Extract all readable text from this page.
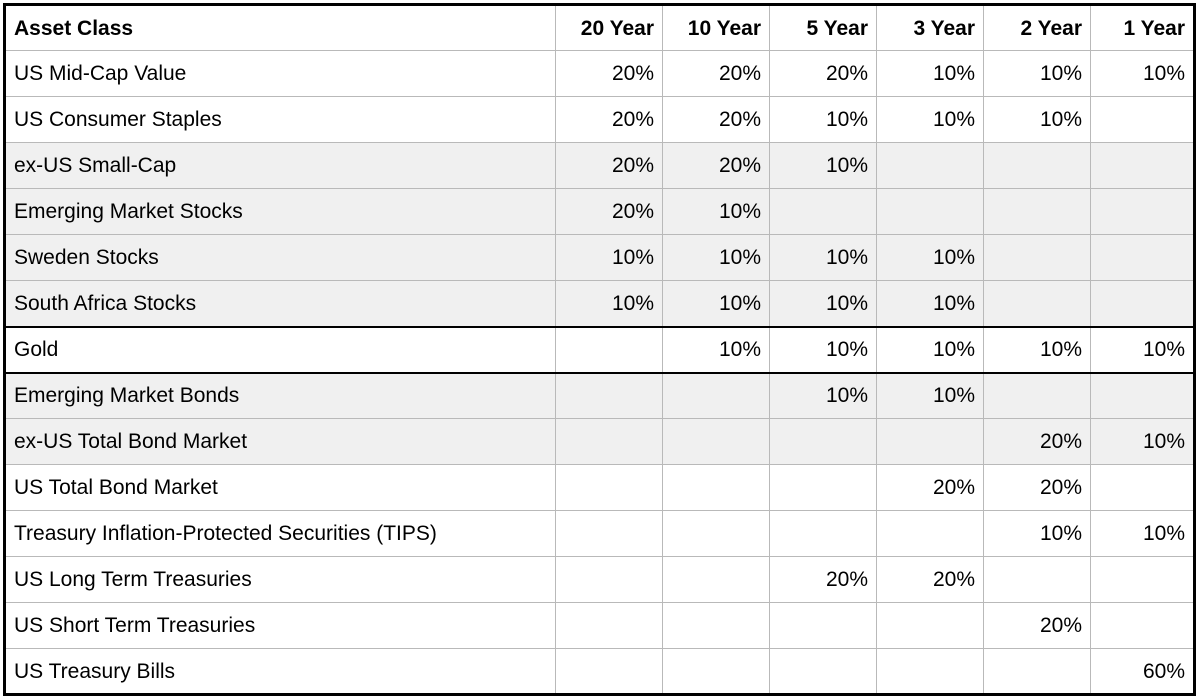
Asset Class	20 Year	10 Year	5 Year	3 Year	2 Year	1 Year
US Mid-Cap Value	20%	20%	20%	10%	10%	10%
US Consumer Staples	20%	20%	10%	10%	10%	
ex-US Small-Cap	20%	20%	10%			
Emerging Market Stocks	20%	10%				
Sweden Stocks	10%	10%	10%	10%		
South Africa Stocks	10%	10%	10%	10%		
Gold		10%	10%	10%	10%	10%
Emerging Market Bonds			10%	10%		
ex-US Total Bond Market					20%	10%
US Total Bond Market				20%	20%	
Treasury Inflation-Protected Securities (TIPS)					10%	10%
US Long Term Treasuries			20%	20%		
US Short Term Treasuries					20%	
US Treasury Bills						60%
